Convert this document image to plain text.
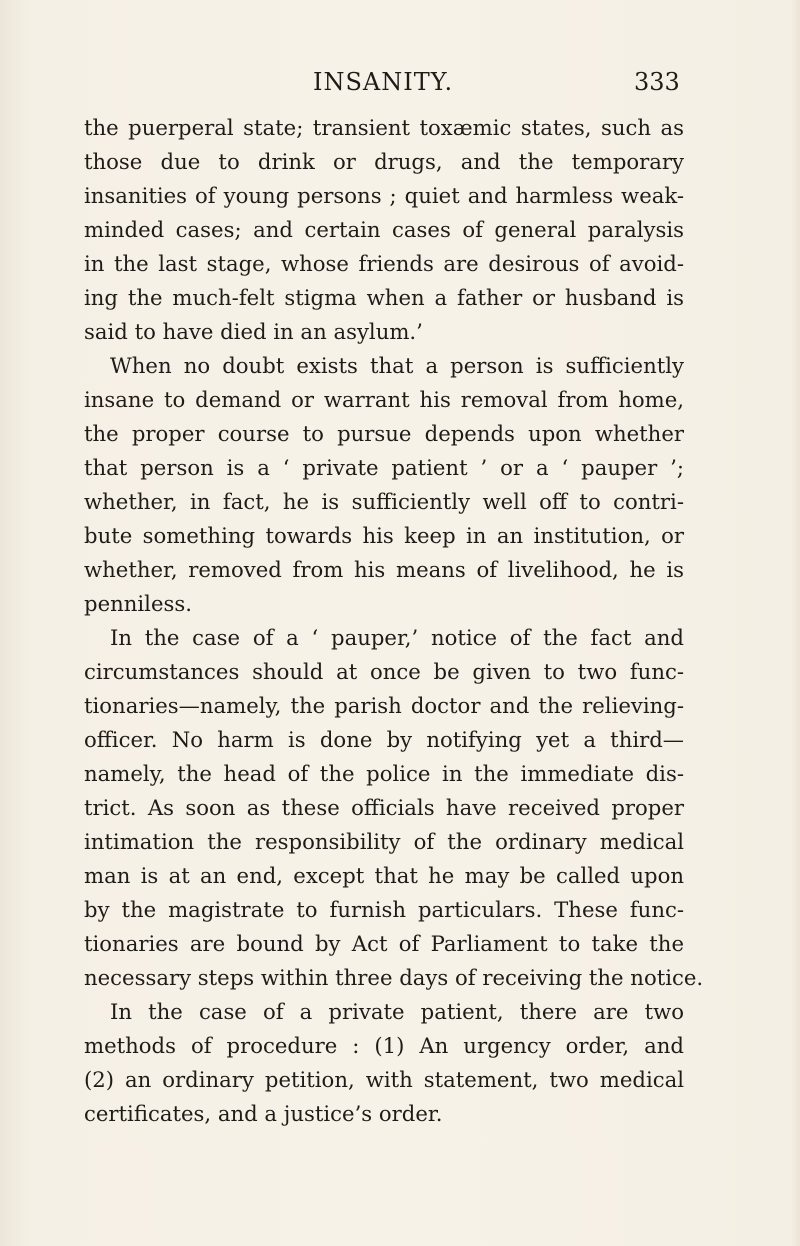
INSANITY.	333
the puerperal state; transient toxæmic states, such as
those due to drink or drugs, and the temporary
insanities of young persons ; quiet and harmless weak-
minded cases; and certain cases of general paralysis
in the last stage, whose friends are desirous of avoid-
ing the much-felt stigma when a father or husband is
said to have died in an asylum.’
When no doubt exists that a person is sufficiently
insane to demand or warrant his removal from home,
the proper course to pursue depends upon whether
that person is a ‘ private patient ’ or a ‘ pauper ’;
whether, in fact, he is sufficiently well off to contri-
bute something towards his keep in an institution, or
whether, removed from his means of livelihood, he is
penniless.
In the case of a ‘ pauper,’ notice of the fact and
circumstances should at once be given to two func-
tionaries—namely, the parish doctor and the relieving-
officer. No harm is done by notifying yet a third—
namely, the head of the police in the immediate dis-
trict. As soon as these officials have received proper
intimation the responsibility of the ordinary medical
man is at an end, except that he may be called upon
by the magistrate to furnish particulars. These func-
tionaries are bound by Act of Parliament to take the
necessary steps within three days of receiving the notice.
In the case of a private patient, there are two
methods of procedure : (1) An urgency order, and
(2) an ordinary petition, with statement, two medical
certificates, and a justice’s order.
